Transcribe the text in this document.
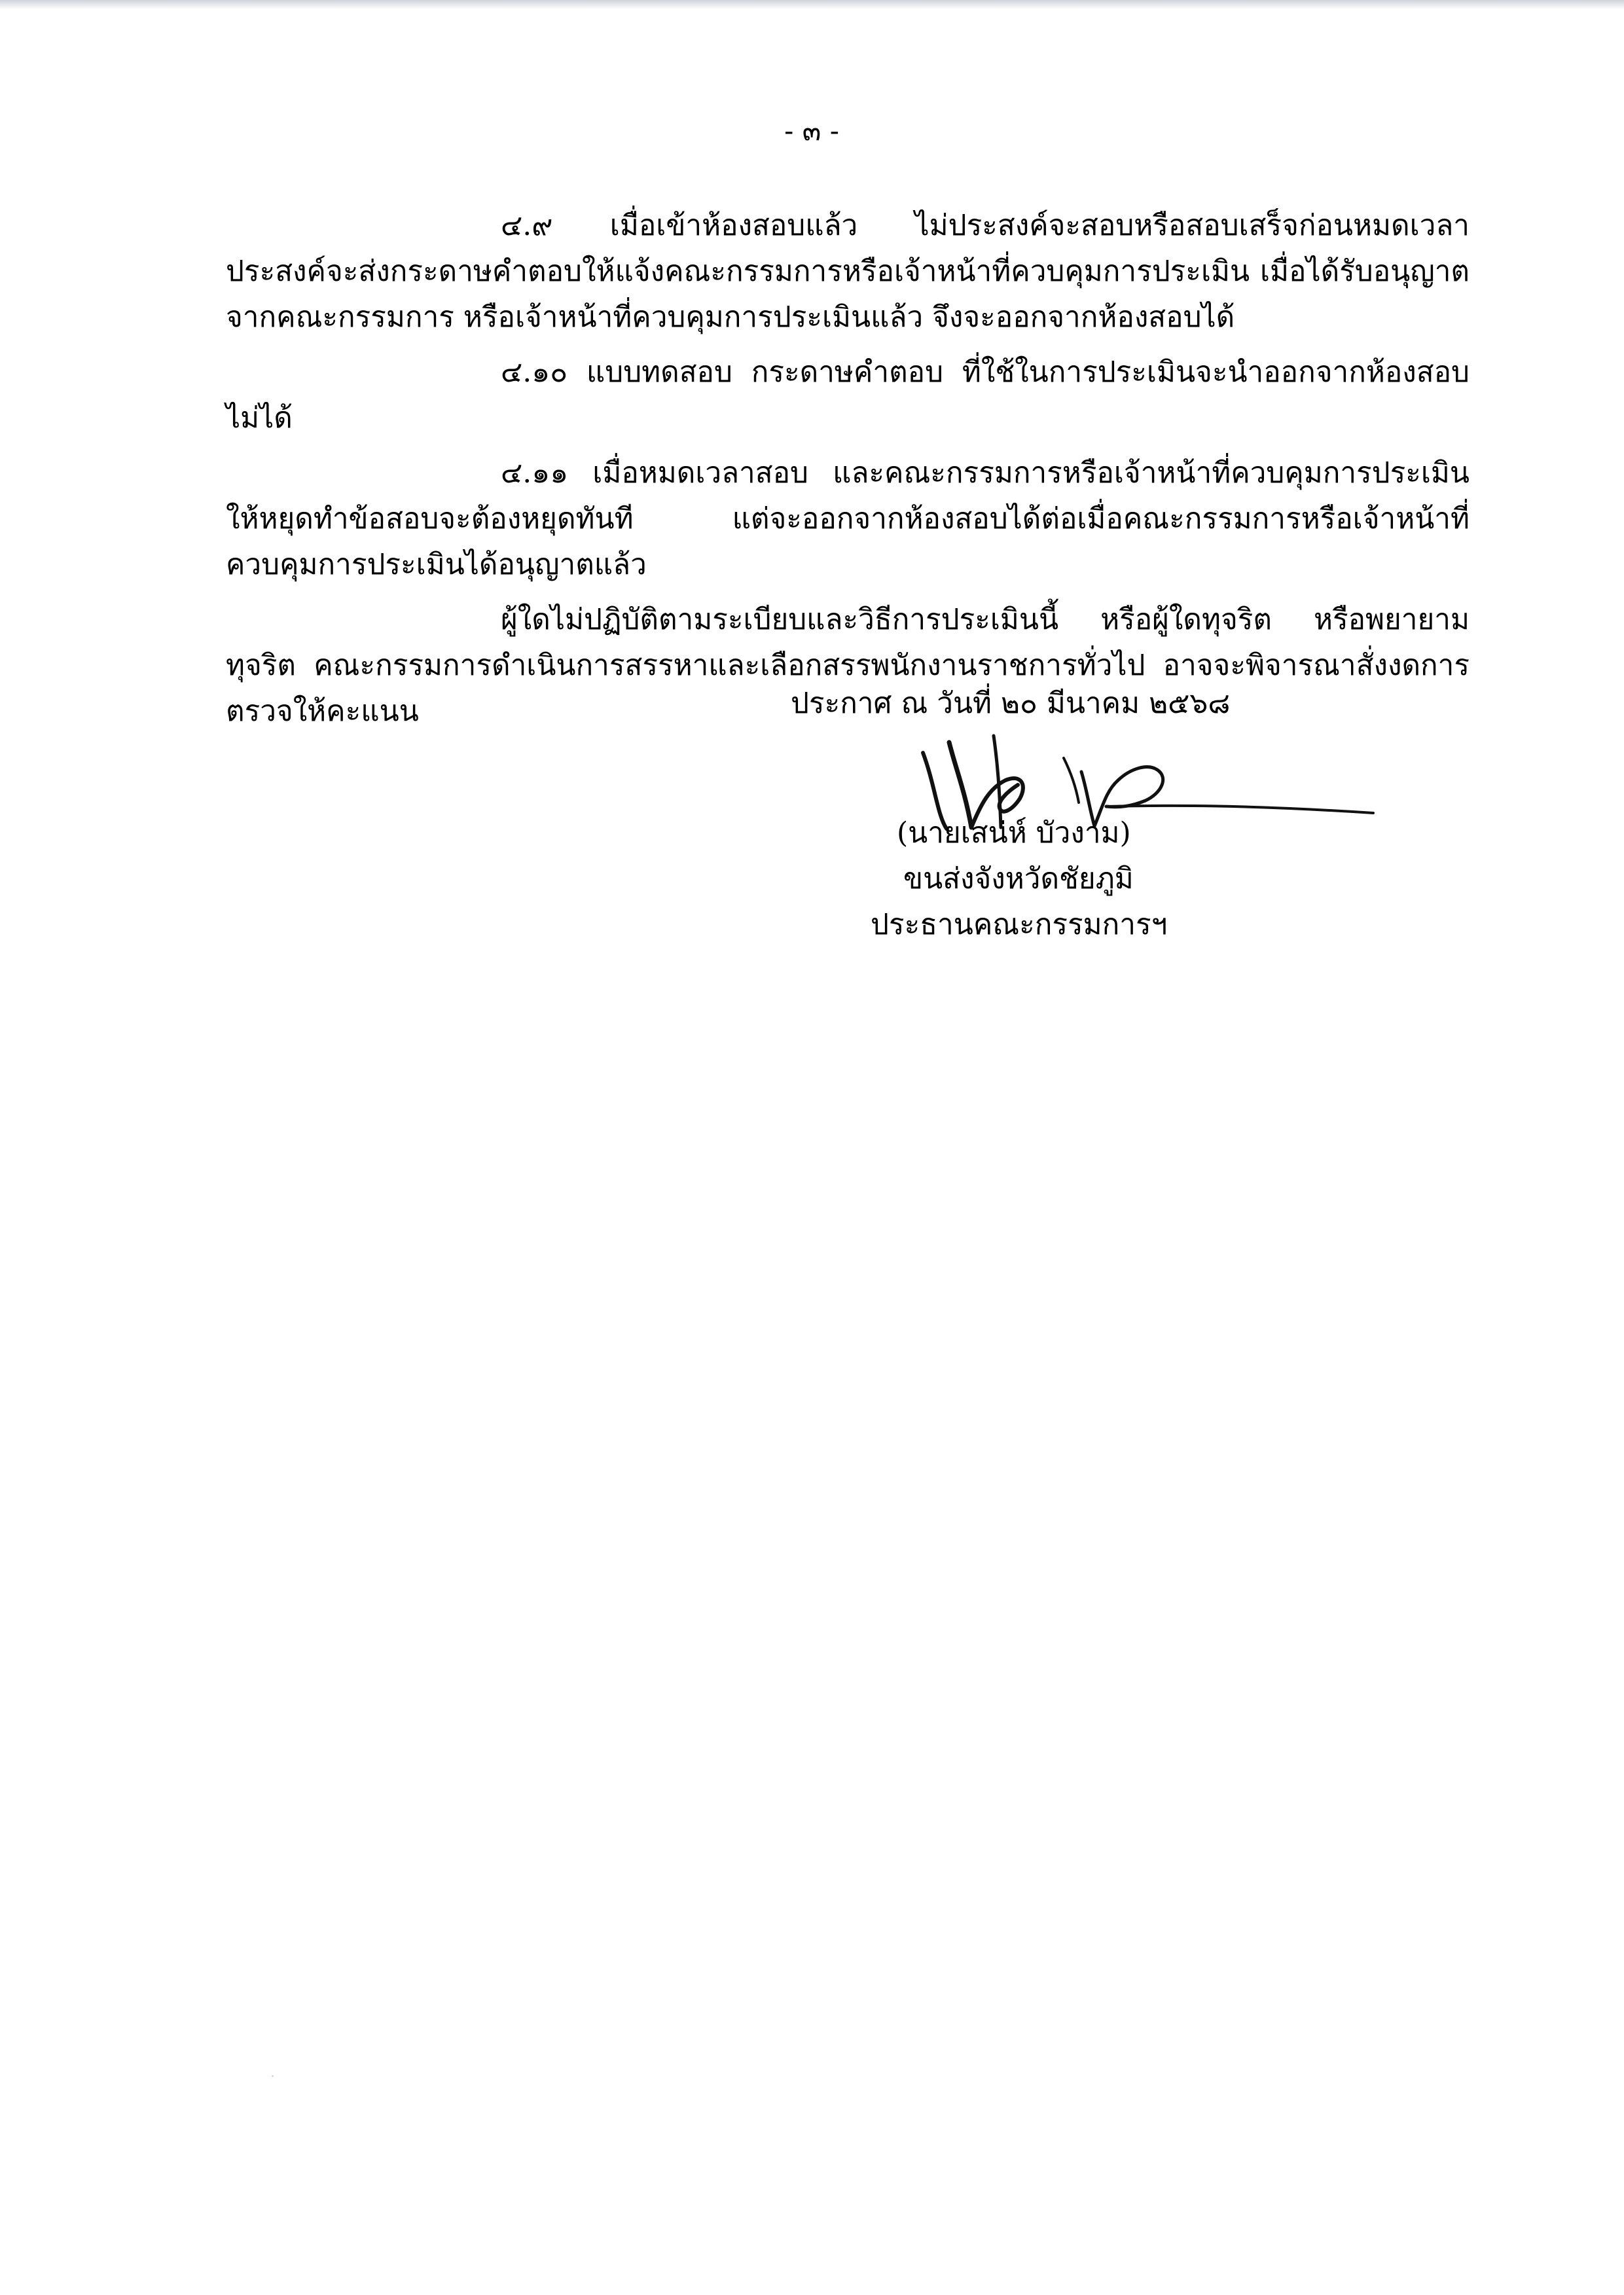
- ๓ -

๔.๙ เมื่อเข้าห้องสอบแล้ว ไม่ประสงค์จะสอบหรือสอบเสร็จก่อนหมดเวลา ประสงค์จะส่งกระดาษคำตอบให้แจ้งคณะกรรมการหรือเจ้าหน้าที่ควบคุมการประเมิน เมื่อได้รับอนุญาตจากคณะกรรมการ หรือเจ้าหน้าที่ควบคุมการประเมินแล้ว จึงจะออกจากห้องสอบได้

๔.๑๐ แบบทดสอบ กระดาษคำตอบ ที่ใช้ในการประเมินจะนำออกจากห้องสอบไม่ได้

๔.๑๑ เมื่อหมดเวลาสอบ และคณะกรรมการหรือเจ้าหน้าที่ควบคุมการประเมินให้หยุดทำข้อสอบจะต้องหยุดทันที แต่จะออกจากห้องสอบได้ต่อเมื่อคณะกรรมการหรือเจ้าหน้าที่ควบคุมการประเมินได้อนุญาตแล้ว

ผู้ใดไม่ปฏิบัติตามระเบียบและวิธีการประเมินนี้ หรือผู้ใดทุจริต หรือพยายามทุจริต คณะกรรมการดำเนินการสรรหาและเลือกสรรพนักงานราชการทั่วไป อาจจะพิจารณาสั่งงดการตรวจให้คะแนน	ประกาศ ณ วันที่ ๒๐ มีนาคม ๒๕๖๘
(นายเสน่ห์ บัวงาม)
ขนส่งจังหวัดชัยภูมิ
ประธานคณะกรรมการฯ
